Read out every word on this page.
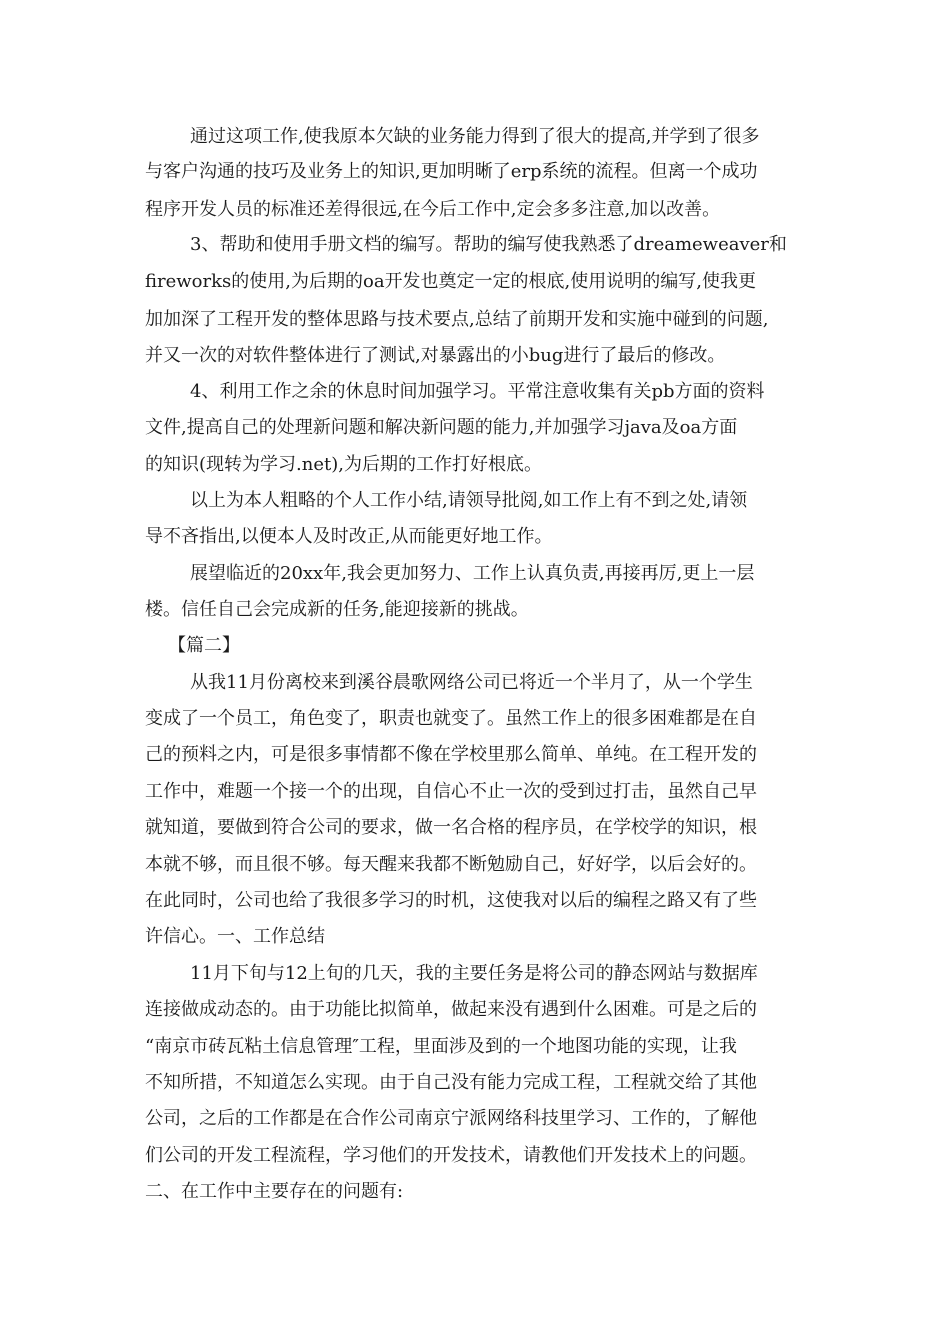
通过这项工作,使我原本欠缺的业务能力得到了很大的提高,并学到了很多
与客户沟通的技巧及业务上的知识,更加明晰了erp系统的流程。但离一个成功
程序开发人员的标准还差得很远,在今后工作中,定会多多注意,加以改善。
3、帮助和使用手册文档的编写。帮助的编写使我熟悉了dreameweaver和
fireworks的使用,为后期的oa开发也奠定一定的根底,使用说明的编写,使我更
加加深了工程开发的整体思路与技术要点,总结了前期开发和实施中碰到的问题,
并又一次的对软件整体进行了测试,对暴露出的小bug进行了最后的修改。
4、利用工作之余的休息时间加强学习。平常注意收集有关pb方面的资料
文件,提高自己的处理新问题和解决新问题的能力,并加强学习java及oa方面
的知识(现转为学习.net),为后期的工作打好根底。
以上为本人粗略的个人工作小结,请领导批阅,如工作上有不到之处,请领
导不吝指出,以便本人及时改正,从而能更好地工作。
展望临近的20xx年,我会更加努力、工作上认真负责,再接再厉,更上一层
楼。信任自己会完成新的任务,能迎接新的挑战。
【篇二】
从我11月份离校来到溪谷晨歌网络公司已将近一个半月了，从一个学生
变成了一个员工，角色变了，职责也就变了。虽然工作上的很多困难都是在自
己的预料之内，可是很多事情都不像在学校里那么简单、单纯。在工程开发的
工作中，难题一个接一个的出现，自信心不止一次的受到过打击，虽然自己早
就知道，要做到符合公司的要求，做一名合格的程序员，在学校学的知识，根
本就不够，而且很不够。每天醒来我都不断勉励自己，好好学，以后会好的。
在此同时，公司也给了我很多学习的时机，这使我对以后的编程之路又有了些
许信心。一、工作总结
11月下旬与12上旬的几天，我的主要任务是将公司的静态网站与数据库
连接做成动态的。由于功能比拟简单，做起来没有遇到什么困难。可是之后的
“南京市砖瓦粘土信息管理″工程，里面涉及到的一个地图功能的实现，让我
不知所措，不知道怎么实现。由于自己没有能力完成工程，工程就交给了其他
公司，之后的工作都是在合作公司南京宁派网络科技里学习、工作的，了解他
们公司的开发工程流程，学习他们的开发技术，请教他们开发技术上的问题。
二、在工作中主要存在的问题有:
